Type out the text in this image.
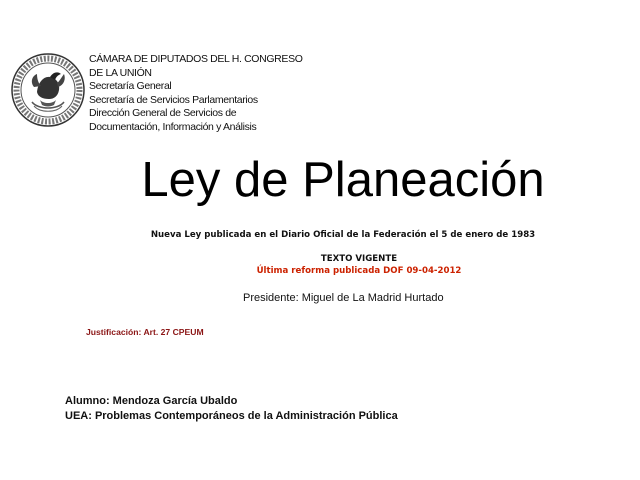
CÁMARA DE DIPUTADOS DEL H. CONGRESO
DE LA UNIÓN
Secretaría General
Secretaría de Servicios Parlamentarios
Dirección General de Servicios de
Documentación, Información y Análisis
Ley de Planeación
Nueva Ley publicada en el Diario Oficial de la Federación el 5 de enero de 1983
TEXTO VIGENTE
Última reforma publicada DOF 09-04-2012
Presidente: Miguel de La Madrid Hurtado
Justificación: Art. 27 CPEUM
Alumno: Mendoza García Ubaldo
UEA: Problemas Contemporáneos de la Administración Pública
